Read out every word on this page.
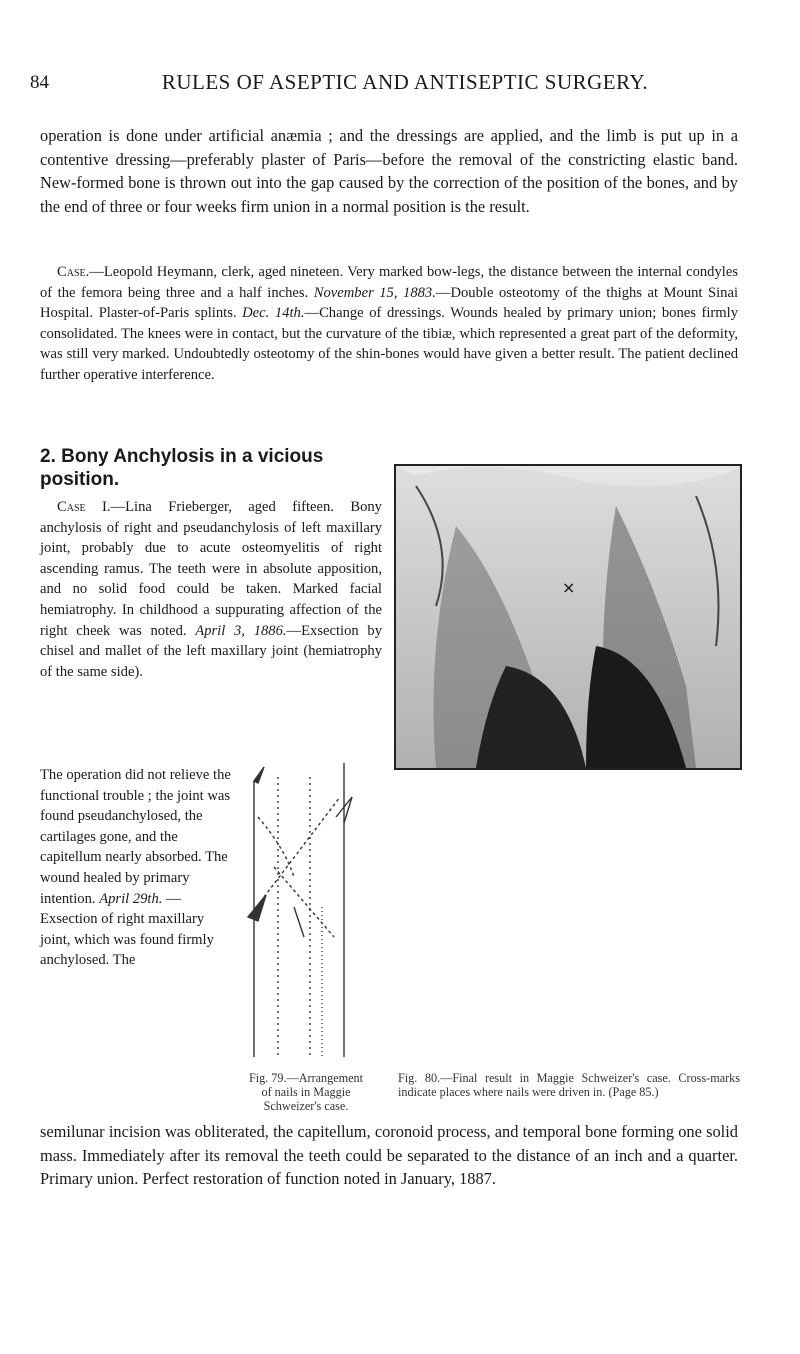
84	RULES OF ASEPTIC AND ANTISEPTIC SURGERY.
operation is done under artificial anæmia ; and the dressings are applied, and the limb is put up in a contentive dressing—preferably plaster of Paris—before the removal of the constricting elastic band. New-formed bone is thrown out into the gap caused by the correction of the position of the bones, and by the end of three or four weeks firm union in a normal position is the result.
Case.—Leopold Heymann, clerk, aged nineteen. Very marked bow-legs, the distance between the internal condyles of the femora being three and a half inches. November 15, 1883.—Double osteotomy of the thighs at Mount Sinai Hospital. Plaster-of-Paris splints. Dec. 14th.—Change of dressings. Wounds healed by primary union; bones firmly consolidated. The knees were in contact, but the curvature of the tibiæ, which represented a great part of the deformity, was still very marked. Undoubtedly osteotomy of the shin-bones would have given a better result. The patient declined further operative interference.
2. Bony Anchylosis in a vicious position.
Case I.—Lina Frieberger, aged fifteen. Bony anchylosis of right and pseudanchylosis of left maxillary joint, probably due to acute osteomyelitis of right ascending ramus. The teeth were in absolute apposition, and no solid food could be taken. Marked facial hemiatrophy. In childhood a suppurating affection of the right cheek was noted. April 3, 1886.—Exsection by chisel and mallet of the left maxillary joint (hemiatrophy of the same side).
The operation did not relieve the functional trouble ; the joint was found pseudanchylosed, the cartilages gone, and the capitellum nearly absorbed. The wound healed by primary intention. April 29th. — Exsection of right maxillary joint, which was found firmly anchylosed. The
×
Fig. 79.—Arrangement of nails in Maggie Schweizer's case.
Fig. 80.—Final result in Maggie Schweizer's case. Cross-marks indicate places where nails were driven in. (Page 85.)
semilunar incision was obliterated, the capitellum, coronoid process, and temporal bone forming one solid mass. Immediately after its removal the teeth could be separated to the distance of an inch and a quarter. Primary union. Perfect restoration of function noted in January, 1887.
